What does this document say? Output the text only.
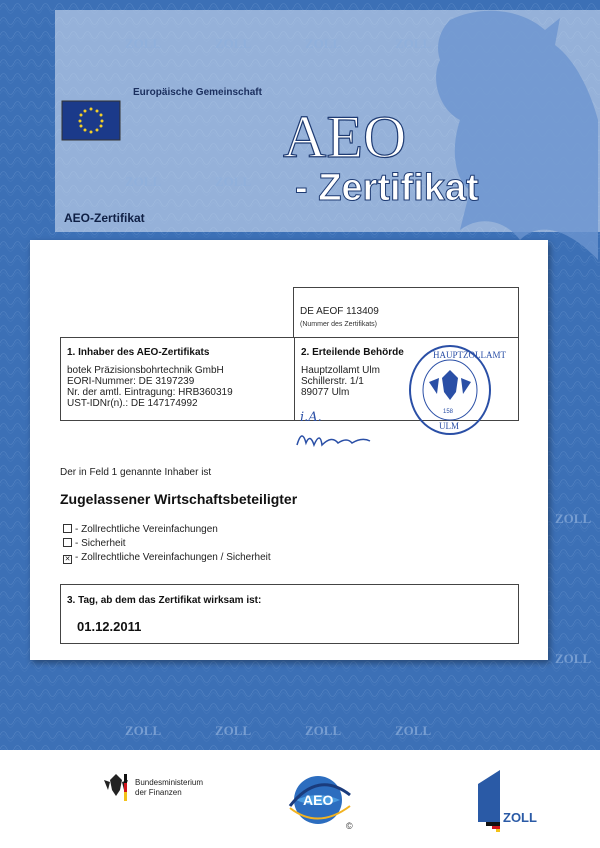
ZOLL	ZOLL	ZOLL	ZOLL
ZOLL	ZOLL
ZOLL
ZOLL
ZOLL	ZOLL
ZOLL
ZOLL
AEO
- Zertifikat
AEO
©
ZOLL
Europäische Gemeinschaft
AEO-Zertifikat
Bundesministerium
der Finanzen
DE AEOF 113409
(Nummer des Zertifikats)
1. Inhaber des AEO-Zertifikats
botek Präzisionsbohrtechnik GmbH
EORI-Nummer: DE 3197239
Nr. der amtl. Eintragung: HRB360319
UST-IDNr(n).: DE 147174992
2. Erteilende Behörde
Hauptzollamt Ulm
Schillerstr. 1/1
89077 Ulm
i.A.
HAUPTZOLLAMT
158
ULM
Der in Feld 1 genannte Inhaber ist
Zugelassener Wirtschaftsbeteiligter
- Zollrechtliche Vereinfachungen
- Sicherheit
✕ - Zollrechtliche Vereinfachungen / Sicherheit
3. Tag, ab dem das Zertifikat wirksam ist:
01.12.2011
